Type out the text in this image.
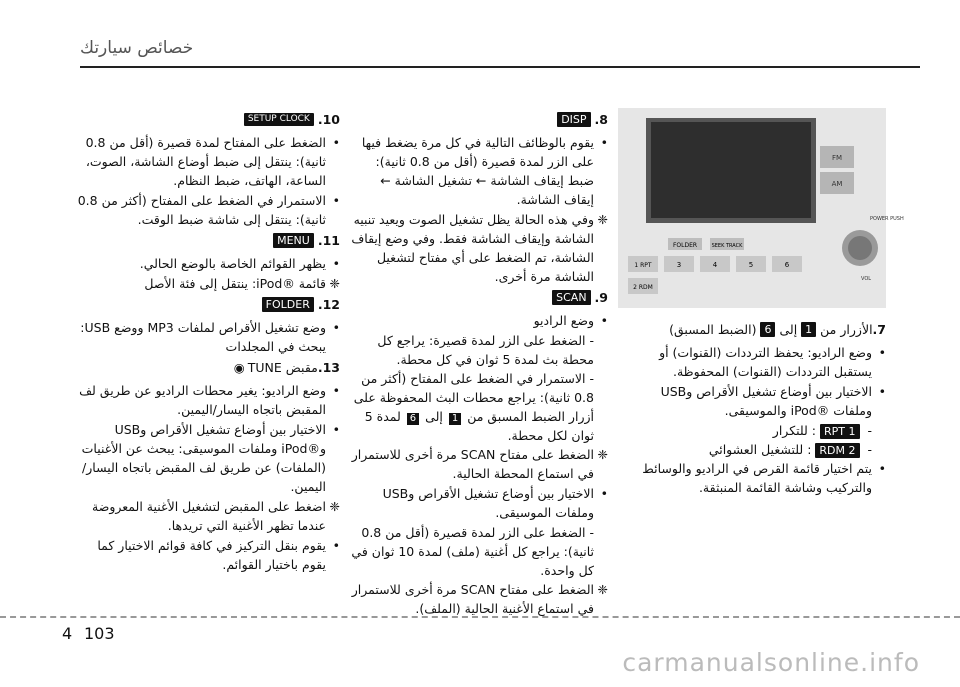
خصائص سيارتك
FM
AM
POWER PUSH
VOL
FOLDER	SEEK TRACK
1 RPT
2 RDM
3	4	5	6
7.
الأزرار من
1
إلى
6
(الضبط المسبق)
•
وضع الراديو: يحفظ الترددات (القنوات) أو يستقبل الترددات (القنوات) المحفوظة.
•
الاختيار بين أوضاع تشغيل الأقراص وUSB وملفات ®iPod والموسيقى.
- 1 RPT: للتكرار
- 2 RDM: للتشغيل العشوائي
•
يتم اختيار قائمة القرص في الراديو والوسائط والتركيب وشاشة القائمة المنبثقة.
8.
DISP
•
يقوم بالوظائف التالية في كل مرة يضغط فيها على الزر لمدة قصيرة (أقل من 0.8 ثانية): ضبط إيقاف الشاشة ← تشغيل الشاشة ← إيقاف الشاشة.
❈
وفي هذه الحالة يظل تشغيل الصوت ويعيد تنبيه الشاشة وإيقاف الشاشة فقط. وفي وضع إيقاف الشاشة، تم الضغط على أي مفتاح لتشغيل الشاشة مرة أخرى.
9.
SCAN
•
وضع الراديو
- الضغط على الزر لمدة قصيرة: يراجع كل محطة بث لمدة 5 ثوان في كل محطة.
- الاستمرار في الضغط على المفتاح (أكثر من 0.8 ثانية): يراجع محطات البث المحفوظة على أزرار الضبط المسبق من 1 إلى 6 لمدة 5 ثوان لكل محطة.
❈
الضغط على مفتاح SCAN مرة أخرى للاستمرار في استماع المحطة الحالية.
•
الاختيار بين أوضاع تشغيل الأقراص وUSB وملفات الموسيقى.
- الضغط على الزر لمدة قصيرة (أقل من 0.8 ثانية): يراجع كل أغنية (ملف) لمدة 10 ثوان في كل واحدة.
❈
الضغط على مفتاح SCAN مرة أخرى للاستمرار في استماع الأغنية الحالية (الملف).
10.
SETUP CLOCK
•
الضغط على المفتاح لمدة قصيرة (أقل من 0.8 ثانية): ينتقل إلى ضبط أوضاع الشاشة، الصوت، الساعة، الهاتف، ضبط النظام.
•
الاستمرار في الضغط على المفتاح (أكثر من 0.8 ثانية): ينتقل إلى شاشة ضبط الوقت.
11.
MENU
•
يظهر القوائم الخاصة بالوضع الحالي.
❈
قائمة ®iPod: ينتقل إلى فئة الأصل
12.
FOLDER
•
وضع تشغيل الأقراص لملفات MP3 ووضع USB: يبحث في المجلدات
13.
مقبض TUNE
◉
•
وضع الراديو: يغير محطات الراديو عن طريق لف المقبض باتجاه اليسار/اليمين.
•
الاختيار بين أوضاع تشغيل الأقراص وUSB و®iPod وملفات الموسيقى: يبحث عن الأغنيات (الملفات) عن طريق لف المقبض باتجاه اليسار/اليمين.
❈
اضغط على المقبض لتشغيل الأغنية المعروضة عندما تظهر الأغنية التي تريدها.
•
يقوم بنقل التركيز في كافة قوائم الاختيار كما يقوم باختيار القوائم.
4 103
carmanualsonline.info
